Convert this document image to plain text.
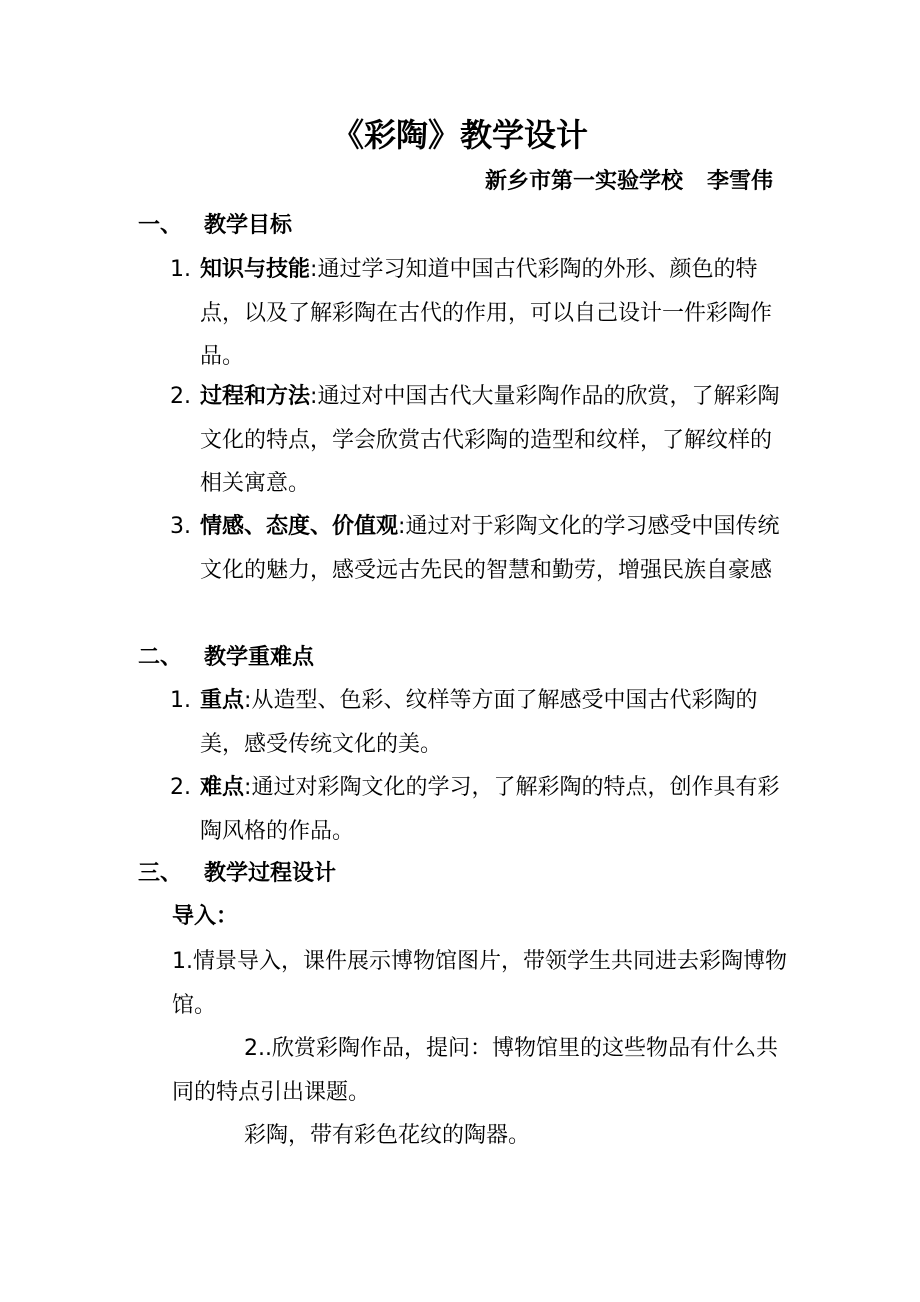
《彩陶》教学设计
新乡市第一实验学校 李雪伟
一、 教学目标
1. 知识与技能:通过学习知道中国古代彩陶的外形、颜色的特点，以及了解彩陶在古代的作用，可以自己设计一件彩陶作品。
2. 过程和方法:通过对中国古代大量彩陶作品的欣赏，了解彩陶文化的特点，学会欣赏古代彩陶的造型和纹样，了解纹样的相关寓意。
3. 情感、态度、价值观:通过对于彩陶文化的学习感受中国传统文化的魅力，感受远古先民的智慧和勤劳，增强民族自豪感
二、 教学重难点
1. 重点:从造型、色彩、纹样等方面了解感受中国古代彩陶的美，感受传统文化的美。
2. 难点:通过对彩陶文化的学习，了解彩陶的特点，创作具有彩陶风格的作品。
三、 教学过程设计
导入：
1.情景导入，课件展示博物馆图片，带领学生共同进去彩陶博物馆。
2..欣赏彩陶作品，提问：博物馆里的这些物品有什么共同的特点引出课题。
彩陶，带有彩色花纹的陶器。
